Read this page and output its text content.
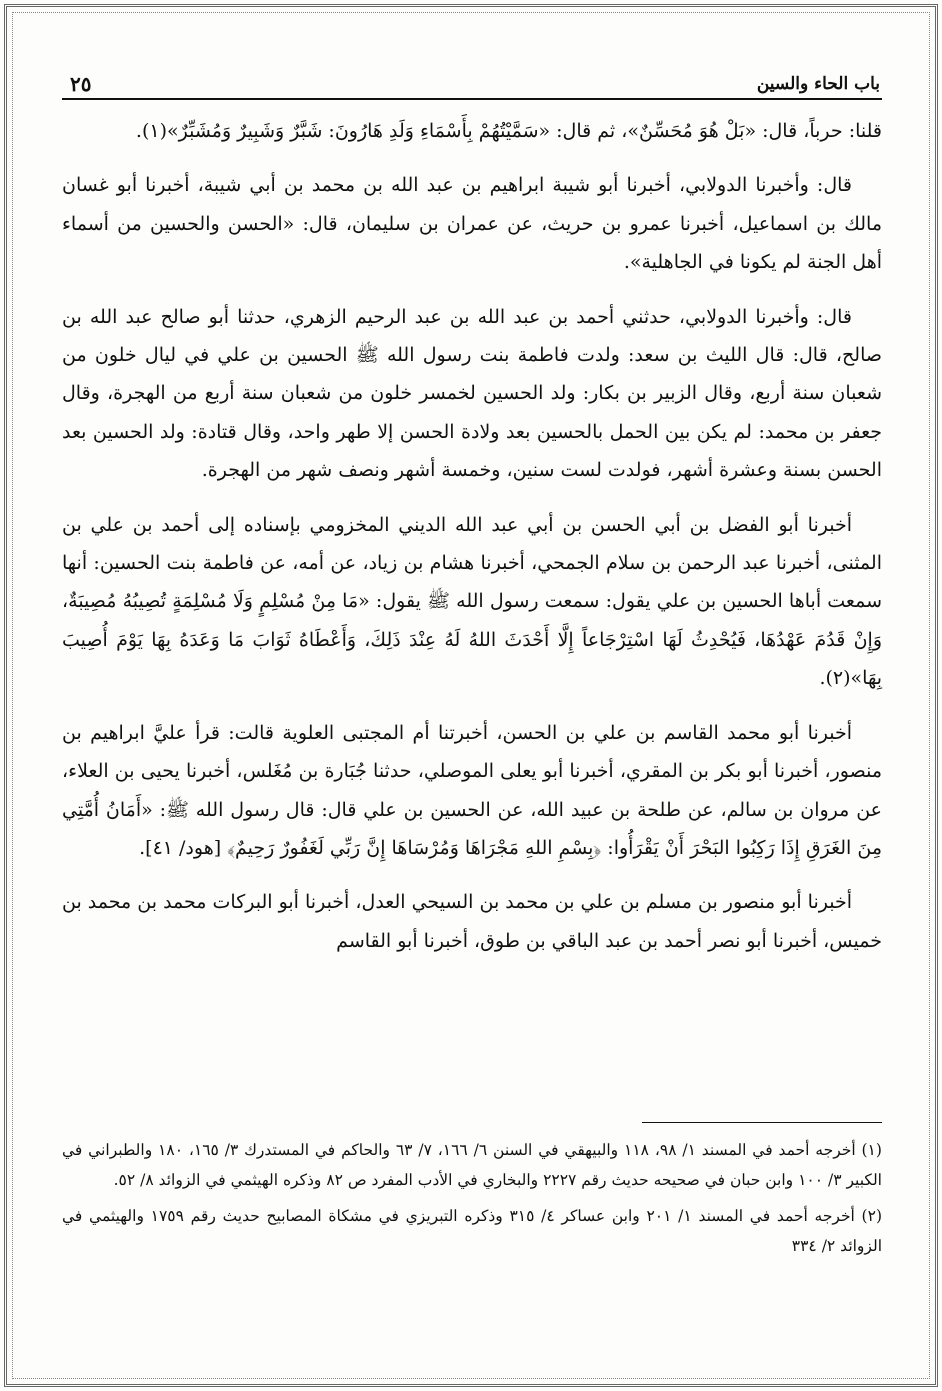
باب الحاء والسين
٢٥

قلنا: حرباً، قال: «بَلْ هُوَ مُحَسِّنٌ»، ثم قال: «سَمَّيْتُهُمْ بِأَسْمَاءِ وَلَدِ هَارُونَ: شَبَّرٌ وَشَبِيرٌ وَمُشَبِّرٌ»(١).

قال: وأخبرنا الدولابي، أخبرنا أبو شيبة ابراهيم بن عبد الله بن محمد بن أبي شيبة، أخبرنا أبو غسان مالك بن اسماعيل، أخبرنا عمرو بن حريث، عن عمران بن سليمان، قال: «الحسن والحسين من أسماء أهل الجنة لم يكونا في الجاهلية».

قال: وأخبرنا الدولابي، حدثني أحمد بن عبد الله بن عبد الرحيم الزهري، حدثنا أبو صالح عبد الله بن صالح، قال: قال الليث بن سعد: ولدت فاطمة بنت رسول الله ﷺ الحسين بن علي في ليال خلون من شعبان سنة أربع، وقال الزبير بن بكار: ولد الحسين لخمسر خلون من شعبان سنة أربع من الهجرة، وقال جعفر بن محمد: لم يكن بين الحمل بالحسين بعد ولادة الحسن إلا طهر واحد، وقال قتادة: ولد الحسين بعد الحسن بسنة وعشرة أشهر، فولدت لست سنين، وخمسة أشهر ونصف شهر من الهجرة.

أخبرنا أبو الفضل بن أبي الحسن بن أبي عبد الله الديني المخزومي بإسناده إلى أحمد بن علي بن المثنى، أخبرنا عبد الرحمن بن سلام الجمحي، أخبرنا هشام بن زياد، عن أمه، عن فاطمة بنت الحسين: أنها سمعت أباها الحسين بن علي يقول: سمعت رسول الله ﷺ يقول: «مَا مِنْ مُسْلِمٍ وَلَا مُسْلِمَةٍ تُصِيبُهُ مُصِيبَةٌ، وَإِنْ قَدُمَ عَهْدُهَا، فَيُحْدِثُ لَهَا اسْتِرْجَاعاً إِلَّا أَحْدَثَ اللهُ لَهُ عِنْدَ ذَلِكَ، وَأَعْطَاهُ ثَوَابَ مَا وَعَدَهُ بِهَا يَوْمَ أُصِيبَ بِهَا»(٢).

أخبرنا أبو محمد القاسم بن علي بن الحسن، أخبرتنا أم المجتبى العلوية قالت: قرأ عليَّ ابراهيم بن منصور، أخبرنا أبو بكر بن المقري، أخبرنا أبو يعلى الموصلي، حدثنا جُبَارة بن مُغَلس، أخبرنا يحيى بن العلاء، عن مروان بن سالم، عن طلحة بن عبيد الله، عن الحسين بن علي قال: قال رسول الله ﷺ: «أَمَانُ أُمَّتِي مِنَ الغَرَقِ إِذَا رَكِبُوا البَحْرَ أَنْ يَقْرَأُوا: ﴿بِسْمِ اللهِ مَجْرَاهَا وَمُرْسَاهَا إِنَّ رَبِّي لَغَفُورٌ رَحِيمٌ﴾ [هود/ ٤١].

أخبرنا أبو منصور بن مسلم بن علي بن محمد بن السيحي العدل، أخبرنا أبو البركات محمد بن محمد بن خميس، أخبرنا أبو نصر أحمد بن عبد الباقي بن طوق، أخبرنا أبو القاسم

(١) أخرجه أحمد في المسند ١/ ٩٨، ١١٨ والبيهقي في السنن ٦/ ١٦٦، ٧/ ٦٣ والحاكم في المستدرك ٣/ ١٦٥، ١٨٠ والطبراني في الكبير ٣/ ١٠٠ وابن حبان في صحيحه حديث رقم ٢٢٢٧ والبخاري في الأدب المفرد ص ٨٢ وذكره الهيثمي في الزوائد ٨/ ٥٢.

(٢) أخرجه أحمد في المسند ١/ ٢٠١ وابن عساكر ٤/ ٣١٥ وذكره التبريزي في مشكاة المصابيح حديث رقم ١٧٥٩ والهيثمي في الزوائد ٢/ ٣٣٤
